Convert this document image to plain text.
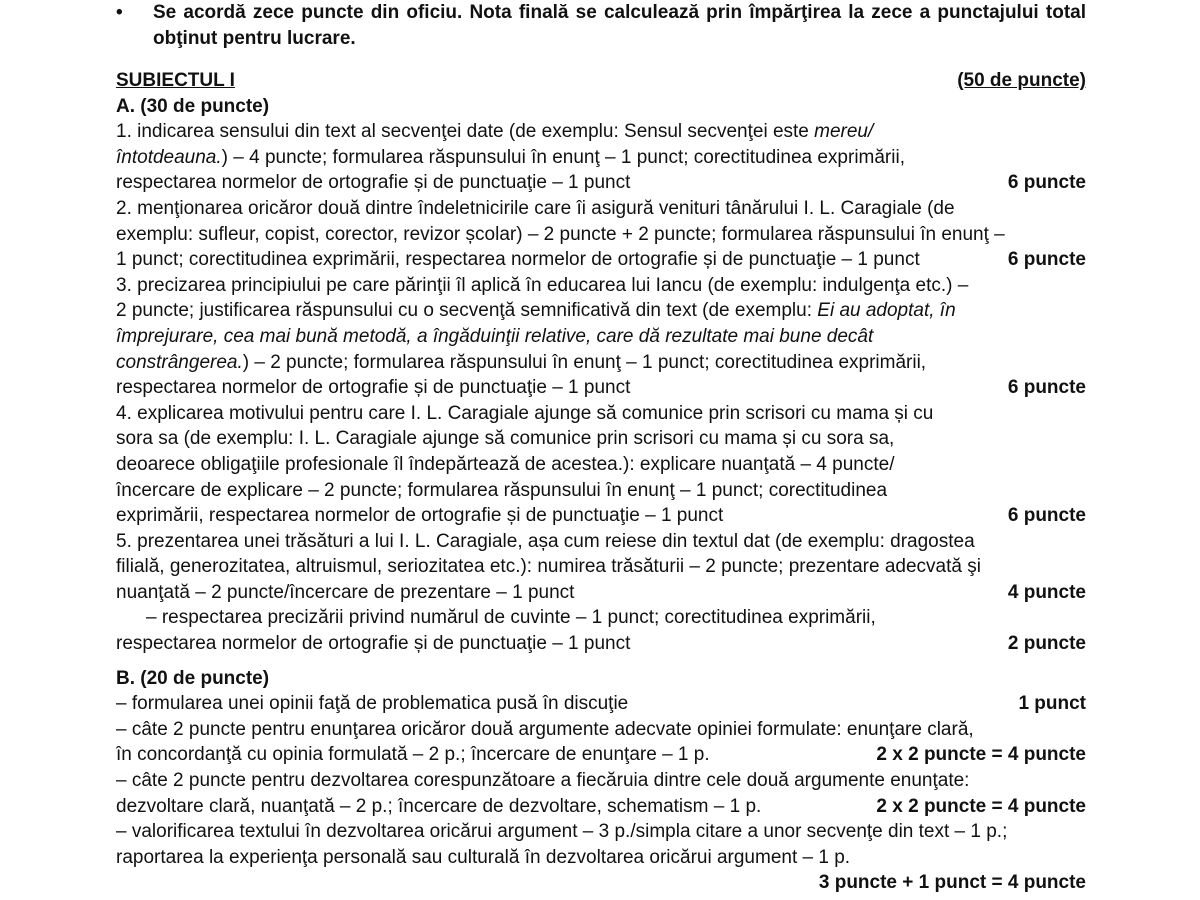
•	Se acordă zece puncte din oficiu. Nota finală se calculează prin împărţirea la zece a punctajului total obţinut pentru lucrare.
SUBIECTUL I	(50 de puncte)
A. (30 de puncte)
1. indicarea sensului din text al secvenţei date (de exemplu: Sensul secvenţei este mereu/
întotdeauna.) – 4 puncte; formularea răspunsului în enunţ – 1 punct; corectitudinea exprimării,
respectarea normelor de ortografie și de punctuaţie – 1 punct	6 puncte
2. menţionarea oricăror două dintre îndeletnicirile care îi asigură venituri tânărului I. L. Caragiale (de
exemplu: sufleur, copist, corector, revizor școlar) – 2 puncte + 2 puncte; formularea răspunsului în enunţ –
1 punct; corectitudinea exprimării, respectarea normelor de ortografie și de punctuaţie – 1 punct	6 puncte
3. precizarea principiului pe care părinţii îl aplică în educarea lui Iancu (de exemplu: indulgenţa etc.) –
2 puncte; justificarea răspunsului cu o secvenţă semnificativă din text (de exemplu: Ei au adoptat, în
împrejurare, cea mai bună metodă, a îngăduinţii relative, care dă rezultate mai bune decât
constrângerea.) – 2 puncte; formularea răspunsului în enunţ – 1 punct; corectitudinea exprimării,
respectarea normelor de ortografie și de punctuaţie – 1 punct	6 puncte
4. explicarea motivului pentru care I. L. Caragiale ajunge să comunice prin scrisori cu mama și cu
sora sa (de exemplu: I. L. Caragiale ajunge să comunice prin scrisori cu mama și cu sora sa,
deoarece obligaţiile profesionale îl îndepărtează de acestea.): explicare nuanţată – 4 puncte/
încercare de explicare – 2 puncte; formularea răspunsului în enunţ – 1 punct; corectitudinea
exprimării, respectarea normelor de ortografie și de punctuaţie – 1 punct	6 puncte
5. prezentarea unei trăsături a lui I. L. Caragiale, așa cum reiese din textul dat (de exemplu: dragostea
filială, generozitatea, altruismul, seriozitatea etc.): numirea trăsăturii – 2 puncte; prezentare adecvată şi
nuanţată – 2 puncte/încercare de prezentare – 1 punct	4 puncte
– respectarea precizării privind numărul de cuvinte – 1 punct; corectitudinea exprimării,
respectarea normelor de ortografie și de punctuaţie – 1 punct	2 puncte
B. (20 de puncte)
– formularea unei opinii faţă de problematica pusă în discuţie	1 punct
– câte 2 puncte pentru enunţarea oricăror două argumente adecvate opiniei formulate: enunţare clară,
în concordanţă cu opinia formulată – 2 p.; încercare de enunţare – 1 p.	2 x 2 puncte = 4 puncte
– câte 2 puncte pentru dezvoltarea corespunzătoare a fiecăruia dintre cele două argumente enunţate:
dezvoltare clară, nuanţată – 2 p.; încercare de dezvoltare, schematism – 1 p.	2 x 2 puncte = 4 puncte
– valorificarea textului în dezvoltarea oricărui argument – 3 p./simpla citare a unor secvenţe din text – 1 p.;
raportarea la experienţa personală sau culturală în dezvoltarea oricărui argument – 1 p.
3 puncte + 1 punct = 4 puncte
